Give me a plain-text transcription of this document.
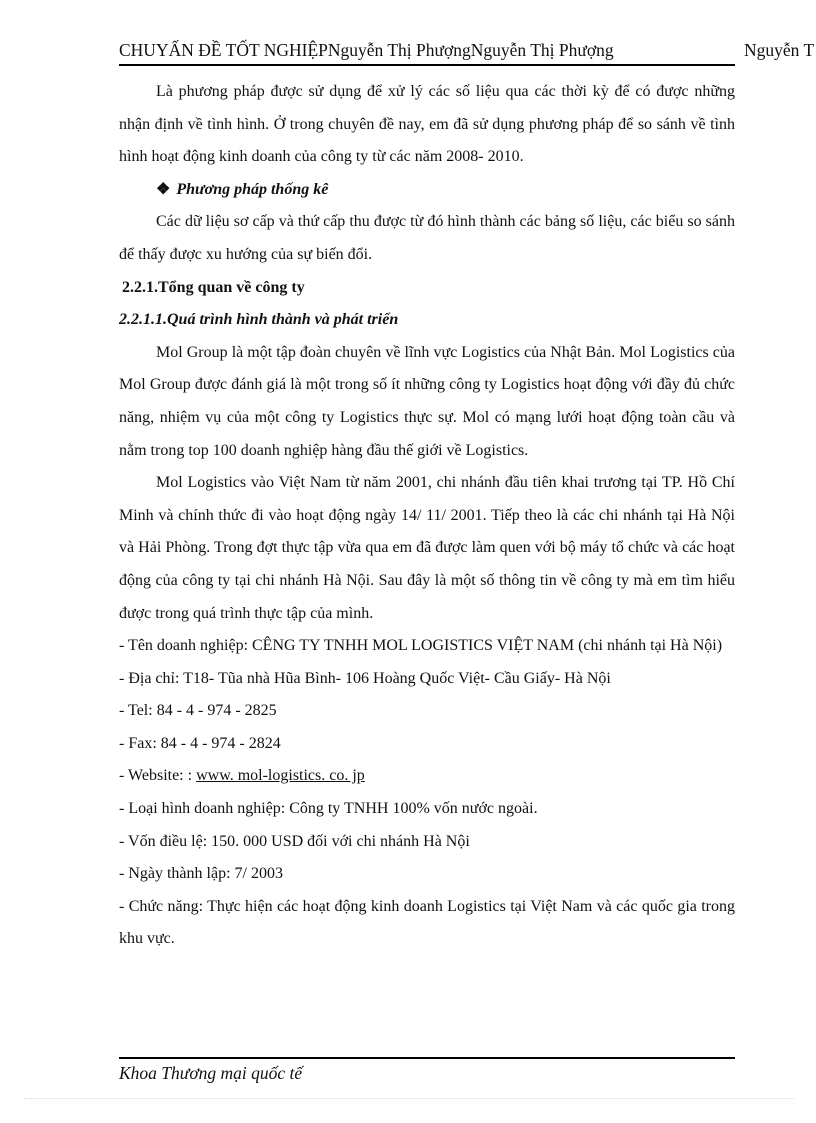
CHUYẤN ĐỀ TỐT NGHIỆPNguyễn Thị PhượngNguyễn Thị Phượng	Nguyễn T

Là phương pháp được sử dụng để xử lý các số liệu qua các thời kỳ để có được những nhận định về tình hình. Ở trong chuyên đề nay, em đã sử dụng phương pháp để so sánh về tình hình hoạt động kinh doanh của công ty từ các năm 2008- 2010.

❖ Phương pháp thống kê

Các dữ liệu sơ cấp và thứ cấp thu được từ đó hình thành các bảng số liệu, các biểu so sánh để thấy được xu hướng của sự biến đổi.

2.2.1.Tổng quan về công ty

2.2.1.1.Quá trình hình thành và phát triển

Mol Group là một tập đoàn chuyên về lĩnh vực Logistics của Nhật Bản. Mol Logistics của Mol Group được đánh giá là một trong số ít những công ty Logistics hoạt động với đầy đủ chức năng, nhiệm vụ của một công ty Logistics thực sự. Mol có mạng lưới hoạt động toàn cầu và nằm trong top 100 doanh nghiệp hàng đầu thế giới về Logistics.

Mol Logistics vào Việt Nam từ năm 2001, chi nhánh đầu tiên khai trương tại TP. Hồ Chí Minh và chính thức đi vào hoạt động ngày 14/ 11/ 2001. Tiếp theo là các chi nhánh tại Hà Nội và Hải Phòng. Trong đợt thực tập vừa qua em đã được làm quen với bộ máy tổ chức và các hoạt động của công ty tại chi nhánh Hà Nội. Sau đây là một số thông tin về công ty mà em tìm hiểu được trong quá trình thực tập của mình.

- Tên doanh nghiệp: CÊNG TY TNHH MOL LOGISTICS VIỆT NAM (chi nhánh tại Hà Nội)

- Địa chỉ: T18- Tũa nhà Hũa Bình- 106 Hoàng Quốc Việt- Cầu Giấy- Hà Nội

- Tel: 84 - 4 - 974 - 2825

- Fax: 84 - 4 - 974 - 2824

- Website: : www. mol-logistics. co. jp

- Loại hình doanh nghiệp: Công ty TNHH 100% vốn nước ngoài.

- Vốn điều lệ: 150. 000 USD đối với chi nhánh Hà Nội

- Ngày thành lập: 7/ 2003

- Chức năng: Thực hiện các hoạt động kinh doanh Logistics tại Việt Nam và các quốc gia trong khu vực.

Khoa Thương mại quốc tế
